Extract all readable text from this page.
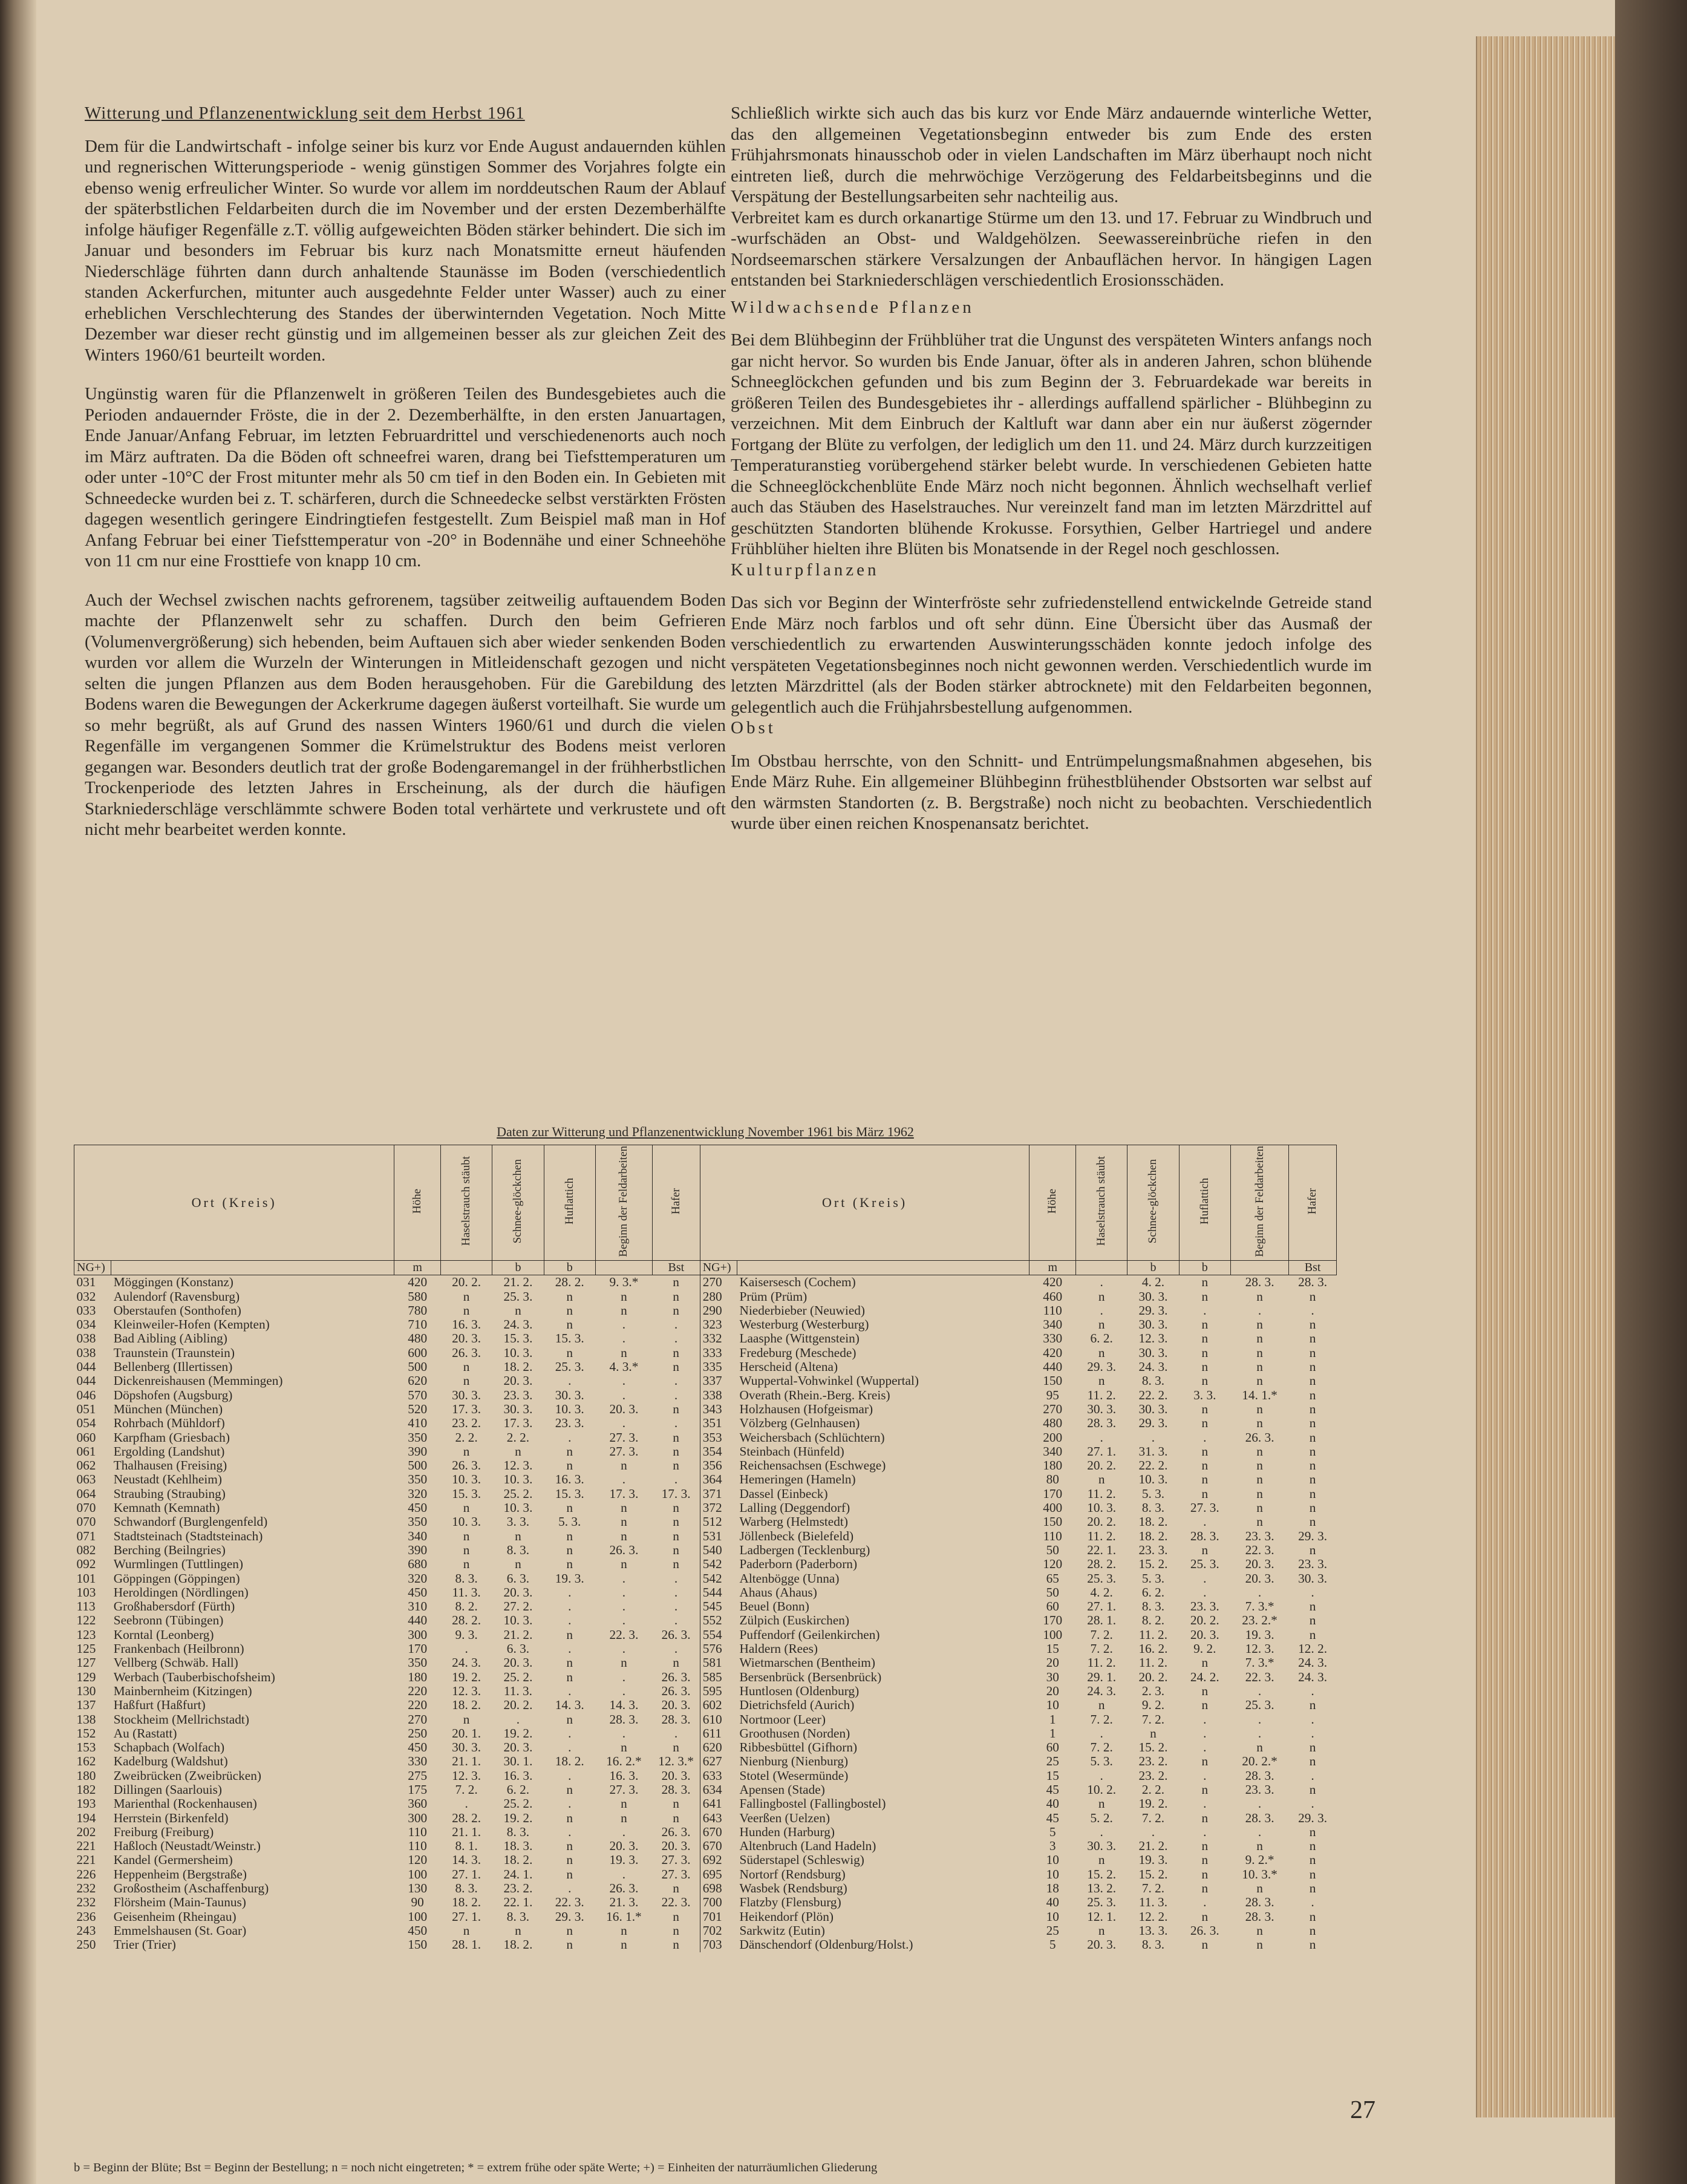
Witterung und Pflanzenentwicklung seit dem Herbst 1961

Dem für die Landwirtschaft - infolge seiner bis kurz vor Ende August andauernden kühlen und regnerischen Witterungsperiode - wenig günstigen Sommer des Vorjahres folgte ein ebenso wenig erfreulicher Winter. So wurde vor allem im norddeutschen Raum der Ablauf der späterbstlichen Feldarbeiten durch die im November und der ersten Dezemberhälfte infolge häufiger Regenfälle z.T. völlig aufgeweichten Böden stärker behindert. Die sich im Januar und besonders im Februar bis kurz nach Monatsmitte erneut häufenden Niederschläge führten dann durch anhaltende Staunässe im Boden (verschiedentlich standen Ackerfurchen, mitunter auch ausgedehnte Felder unter Wasser) auch zu einer erheblichen Verschlechterung des Standes der überwinternden Vegetation. Noch Mitte Dezember war dieser recht günstig und im allgemeinen besser als zur gleichen Zeit des Winters 1960/61 beurteilt worden.

Ungünstig waren für die Pflanzenwelt in größeren Teilen des Bundesgebietes auch die Perioden andauernder Fröste, die in der 2. Dezemberhälfte, in den ersten Januartagen, Ende Januar/Anfang Februar, im letzten Februardrittel und verschiedenenorts auch noch im März auftraten. Da die Böden oft schneefrei waren, drang bei Tiefsttemperaturen um oder unter -10°C der Frost mitunter mehr als 50 cm tief in den Boden ein. In Gebieten mit Schneedecke wurden bei z. T. schärferen, durch die Schneedecke selbst verstärkten Frösten dagegen wesentlich geringere Eindringtiefen festgestellt. Zum Beispiel maß man in Hof Anfang Februar bei einer Tiefsttemperatur von -20° in Bodennähe und einer Schneehöhe von 11 cm nur eine Frosttiefe von knapp 10 cm.

Auch der Wechsel zwischen nachts gefrorenem, tagsüber zeitweilig auftauendem Boden machte der Pflanzenwelt sehr zu schaffen. Durch den beim Gefrieren (Volumenvergrößerung) sich hebenden, beim Auftauen sich aber wieder senkenden Boden wurden vor allem die Wurzeln der Winterungen in Mitleidenschaft gezogen und nicht selten die jungen Pflanzen aus dem Boden herausgehoben. Für die Garebildung des Bodens waren die Bewegungen der Ackerkrume dagegen äußerst vorteilhaft. Sie wurde um so mehr begrüßt, als auf Grund des nassen Winters 1960/61 und durch die vielen Regenfälle im vergangenen Sommer die Krümelstruktur des Bodens meist verloren gegangen war. Besonders deutlich trat der große Bodengaremangel in der frühherbstlichen Trockenperiode des letzten Jahres in Erscheinung, als der durch die häufigen Starkniederschläge verschlämmte schwere Boden total verhärtete und verkrustete und oft nicht mehr bearbeitet werden konnte.

Schließlich wirkte sich auch das bis kurz vor Ende März andauernde winterliche Wetter, das den allgemeinen Vegetationsbeginn entweder bis zum Ende des ersten Frühjahrsmonats hinausschob oder in vielen Landschaften im März überhaupt noch nicht eintreten ließ, durch die mehrwöchige Verzögerung des Feldarbeitsbeginns und die Verspätung der Bestellungsarbeiten sehr nachteilig aus.

Verbreitet kam es durch orkanartige Stürme um den 13. und 17. Februar zu Windbruch und -wurfschäden an Obst- und Waldgehölzen. Seewassereinbrüche riefen in den Nordseemarschen stärkere Versalzungen der Anbauflächen hervor. In hängigen Lagen entstanden bei Starkniederschlägen verschiedentlich Erosionsschäden.

Wildwachsende Pflanzen

Bei dem Blühbeginn der Frühblüher trat die Ungunst des verspäteten Winters anfangs noch gar nicht hervor. So wurden bis Ende Januar, öfter als in anderen Jahren, schon blühende Schneeglöckchen gefunden und bis zum Beginn der 3. Februardekade war bereits in größeren Teilen des Bundesgebietes ihr - allerdings auffallend spärlicher - Blühbeginn zu verzeichnen. Mit dem Einbruch der Kaltluft war dann aber ein nur äußerst zögernder Fortgang der Blüte zu verfolgen, der lediglich um den 11. und 24. März durch kurzzeitigen Temperaturanstieg vorübergehend stärker belebt wurde. In verschiedenen Gebieten hatte die Schneeglöckchenblüte Ende März noch nicht begonnen. Ähnlich wechselhaft verlief auch das Stäuben des Haselstrauches. Nur vereinzelt fand man im letzten Märzdrittel auf geschützten Standorten blühende Krokusse. Forsythien, Gelber Hartriegel und andere Frühblüher hielten ihre Blüten bis Monatsende in der Regel noch geschlossen.

Kulturpflanzen

Das sich vor Beginn der Winterfröste sehr zufriedenstellend entwickelnde Getreide stand Ende März noch farblos und oft sehr dünn. Eine Übersicht über das Ausmaß der verschiedentlich zu erwartenden Auswinterungsschäden konnte jedoch infolge des verspäteten Vegetationsbeginnes noch nicht gewonnen werden. Verschiedentlich wurde im letzten Märzdrittel (als der Boden stärker abtrocknete) mit den Feldarbeiten begonnen, gelegentlich auch die Frühjahrsbestellung aufgenommen.

Obst

Im Obstbau herrschte, von den Schnitt- und Entrümpelungsmaßnahmen abgesehen, bis Ende März Ruhe. Ein allgemeiner Blühbeginn frühestblühender Obstsorten war selbst auf den wärmsten Standorten (z. B. Bergstraße) noch nicht zu beobachten. Verschiedentlich wurde über einen reichen Knospenansatz berichtet.

Daten zur Witterung und Pflanzenentwicklung November 1961 bis März 1962

Ort (Kreis)		Höhe	Haselstrauch stäubt	Schnee-glöckchen	Huflattich	Beginn der Feldarbeiten	Hafer	Ort (Kreis)		Höhe	Haselstrauch stäubt	Schnee-glöckchen	Huflattich	Beginn der Feldarbeiten	Hafer
NG+)		m		b	b		Bst	NG+)		m		b	b		Bst
031	Möggingen (Konstanz)	420	20. 2.	21. 2.	28. 2.	9. 3.*	n	270	Kaisersesch (Cochem)	420	.	4. 2.	n	28. 3.	28. 3.
032	Aulendorf (Ravensburg)	580	n	25. 3.	n	n	n	280	Prüm (Prüm)	460	n	30. 3.	n	n	n
033	Oberstaufen (Sonthofen)	780	n	n	n	n	n	290	Niederbieber (Neuwied)	110	.	29. 3.	.	.	.
034	Kleinweiler-Hofen (Kempten)	710	16. 3.	24. 3.	n	.	.	323	Westerburg (Westerburg)	340	n	30. 3.	n	n	n
038	Bad Aibling (Aibling)	480	20. 3.	15. 3.	15. 3.	.	.	332	Laasphe (Wittgenstein)	330	6. 2.	12. 3.	n	n	n
038	Traunstein (Traunstein)	600	26. 3.	10. 3.	n	n	n	333	Fredeburg (Meschede)	420	n	30. 3.	n	n	n
044	Bellenberg (Illertissen)	500	n	18. 2.	25. 3.	4. 3.*	n	335	Herscheid (Altena)	440	29. 3.	24. 3.	n	n	n
044	Dickenreishausen (Memmingen)	620	n	20. 3.	.	.	.	337	Wuppertal-Vohwinkel (Wuppertal)	150	n	8. 3.	n	n	n
046	Döpshofen (Augsburg)	570	30. 3.	23. 3.	30. 3.	.	.	338	Overath (Rhein.-Berg. Kreis)	95	11. 2.	22. 2.	3. 3.	14. 1.*	n
051	München (München)	520	17. 3.	30. 3.	10. 3.	20. 3.	n	343	Holzhausen (Hofgeismar)	270	30. 3.	30. 3.	n	n	n
054	Rohrbach (Mühldorf)	410	23. 2.	17. 3.	23. 3.	.	.	351	Völzberg (Gelnhausen)	480	28. 3.	29. 3.	n	n	n
060	Karpfham (Griesbach)	350	2. 2.	2. 2.	.	27. 3.	n	353	Weichersbach (Schlüchtern)	200	.	.	.	26. 3.	n
061	Ergolding (Landshut)	390	n	n	n	27. 3.	n	354	Steinbach (Hünfeld)	340	27. 1.	31. 3.	n	n	n
062	Thalhausen (Freising)	500	26. 3.	12. 3.	n	n	n	356	Reichensachsen (Eschwege)	180	20. 2.	22. 2.	n	n	n
063	Neustadt (Kehlheim)	350	10. 3.	10. 3.	16. 3.	.	.	364	Hemeringen (Hameln)	80	n	10. 3.	n	n	n
064	Straubing (Straubing)	320	15. 3.	25. 2.	15. 3.	17. 3.	17. 3.	371	Dassel (Einbeck)	170	11. 2.	5. 3.	n	n	n
070	Kemnath (Kemnath)	450	n	10. 3.	n	n	n	372	Lalling (Deggendorf)	400	10. 3.	8. 3.	27. 3.	n	n
070	Schwandorf (Burglengenfeld)	350	10. 3.	3. 3.	5. 3.	n	n	512	Warberg (Helmstedt)	150	20. 2.	18. 2.	.	n	n
071	Stadtsteinach (Stadtsteinach)	340	n	n	n	n	n	531	Jöllenbeck (Bielefeld)	110	11. 2.	18. 2.	28. 3.	23. 3.	29. 3.
082	Berching (Beilngries)	390	n	8. 3.	n	26. 3.	n	540	Ladbergen (Tecklenburg)	50	22. 1.	23. 3.	n	22. 3.	n
092	Wurmlingen (Tuttlingen)	680	n	n	n	n	n	542	Paderborn (Paderborn)	120	28. 2.	15. 2.	25. 3.	20. 3.	23. 3.
101	Göppingen (Göppingen)	320	8. 3.	6. 3.	19. 3.	.	.	542	Altenbögge (Unna)	65	25. 3.	5. 3.	.	20. 3.	30. 3.
103	Heroldingen (Nördlingen)	450	11. 3.	20. 3.	.	.	.	544	Ahaus (Ahaus)	50	4. 2.	6. 2.	.	.	.
113	Großhabersdorf (Fürth)	310	8. 2.	27. 2.	.	.	.	545	Beuel (Bonn)	60	27. 1.	8. 3.	23. 3.	7. 3.*	n
122	Seebronn (Tübingen)	440	28. 2.	10. 3.	.	.	.	552	Zülpich (Euskirchen)	170	28. 1.	8. 2.	20. 2.	23. 2.*	n
123	Korntal (Leonberg)	300	9. 3.	21. 2.	n	22. 3.	26. 3.	554	Puffendorf (Geilenkirchen)	100	7. 2.	11. 2.	20. 3.	19. 3.	n
125	Frankenbach (Heilbronn)	170	.	6. 3.	.	.	.	576	Haldern (Rees)	15	7. 2.	16. 2.	9. 2.	12. 3.	12. 2.
127	Vellberg (Schwäb. Hall)	350	24. 3.	20. 3.	n	n	n	581	Wietmarschen (Bentheim)	20	11. 2.	11. 2.	n	7. 3.*	24. 3.
129	Werbach (Tauberbischofsheim)	180	19. 2.	25. 2.	n	.	26. 3.	585	Bersenbrück (Bersenbrück)	30	29. 1.	20. 2.	24. 2.	22. 3.	24. 3.
130	Mainbernheim (Kitzingen)	220	12. 3.	11. 3.	.	.	26. 3.	595	Huntlosen (Oldenburg)	20	24. 3.	2. 3.	n	.	.
137	Haßfurt (Haßfurt)	220	18. 2.	20. 2.	14. 3.	14. 3.	20. 3.	602	Dietrichsfeld (Aurich)	10	n	9. 2.	n	25. 3.	n
138	Stockheim (Mellrichstadt)	270	n	.	n	28. 3.	28. 3.	610	Nortmoor (Leer)	1	7. 2.	7. 2.	.	.	.
152	Au (Rastatt)	250	20. 1.	19. 2.	.	.	.	611	Groothusen (Norden)	1	.	n	.	.	.
153	Schapbach (Wolfach)	450	30. 3.	20. 3.	.	n	n	620	Ribbesbüttel (Gifhorn)	60	7. 2.	15. 2.	.	n	n
162	Kadelburg (Waldshut)	330	21. 1.	30. 1.	18. 2.	16. 2.*	12. 3.*	627	Nienburg (Nienburg)	25	5. 3.	23. 2.	n	20. 2.*	n
180	Zweibrücken (Zweibrücken)	275	12. 3.	16. 3.	.	16. 3.	20. 3.	633	Stotel (Wesermünde)	15	.	23. 2.	.	28. 3.	.
182	Dillingen (Saarlouis)	175	7. 2.	6. 2.	n	27. 3.	28. 3.	634	Apensen (Stade)	45	10. 2.	2. 2.	n	23. 3.	n
193	Marienthal (Rockenhausen)	360	.	25. 2.	.	n	n	641	Fallingbostel (Fallingbostel)	40	n	19. 2.	.	.	.
194	Herrstein (Birkenfeld)	300	28. 2.	19. 2.	n	n	n	643	Veerßen (Uelzen)	45	5. 2.	7. 2.	n	28. 3.	29. 3.
202	Freiburg (Freiburg)	110	21. 1.	8. 3.	.	.	26. 3.	670	Hunden (Harburg)	5	.	.	.	.	n
221	Haßloch (Neustadt/Weinstr.)	110	8. 1.	18. 3.	n	20. 3.	20. 3.	670	Altenbruch (Land Hadeln)	3	30. 3.	21. 2.	n	n	n
221	Kandel (Germersheim)	120	14. 3.	18. 2.	n	19. 3.	27. 3.	692	Süderstapel (Schleswig)	10	n	19. 3.	n	9. 2.*	n
226	Heppenheim (Bergstraße)	100	27. 1.	24. 1.	n	.	27. 3.	695	Nortorf (Rendsburg)	10	15. 2.	15. 2.	n	10. 3.*	n
232	Großostheim (Aschaffenburg)	130	8. 3.	23. 2.	.	26. 3.	n	698	Wasbek (Rendsburg)	18	13. 2.	7. 2.	n	n	n
232	Flörsheim (Main-Taunus)	90	18. 2.	22. 1.	22. 3.	21. 3.	22. 3.	700	Flatzby (Flensburg)	40	25. 3.	11. 3.	.	28. 3.	.
236	Geisenheim (Rheingau)	100	27. 1.	8. 3.	29. 3.	16. 1.*	n	701	Heikendorf (Plön)	10	12. 1.	12. 2.	n	28. 3.	n
243	Emmelshausen (St. Goar)	450	n	n	n	n	n	702	Sarkwitz (Eutin)	25	n	13. 3.	26. 3.	n	n
250	Trier (Trier)	150	28. 1.	18. 2.	n	n	n	703	Dänschendorf (Oldenburg/Holst.)	5	20. 3.	8. 3.	n	n	n
b = Beginn der Blüte; Bst = Beginn der Bestellung; n = noch nicht eingetreten; * = extrem frühe oder späte Werte; +) = Einheiten der naturräumlichen Gliederung
27
